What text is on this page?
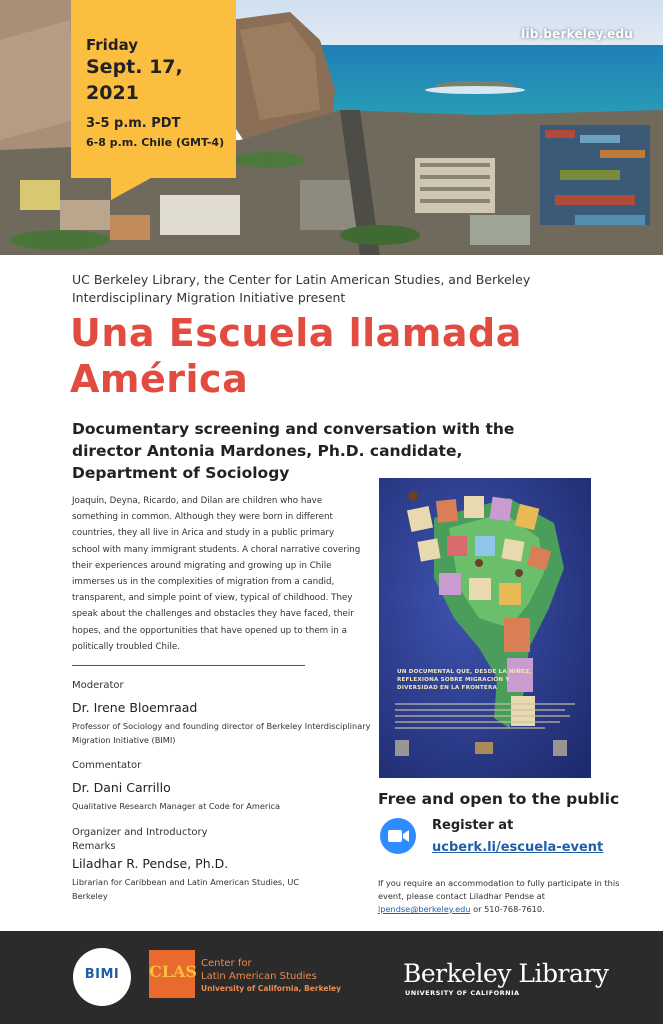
lib.berkeley.edu
Friday
Sept. 17, 2021
3-5 p.m. PDT
6-8 p.m. Chile (GMT-4)
UC Berkeley Library, the Center for Latin American Studies, and Berkeley Interdisciplinary Migration Initiative present
Una Escuela llamada América
Documentary screening and conversation with the director Antonia Mardones, Ph.D. candidate, Department of Sociology
Joaquín, Deyna, Ricardo, and Dilan are children who have something in common. Although they were born in different countries, they all live in Arica and study in a public primary school with many immigrant students. A choral narrative covering their experiences around migrating and growing up in Chile immerses us in the complexities of migration from a candid, transparent, and simple point of view, typical of childhood. They speak about the challenges and obstacles they have faced, their hopes, and the opportunities that have opened up to them in a politically troubled Chile.
Moderator
Dr. Irene Bloemraad
Professor of Sociology and founding director of Berkeley Interdisciplinary Migration Initiative (BIMI)
Commentator
Dr. Dani Carrillo
Qualitative Research Manager at Code for America
Organizer and Introductory Remarks
Liladhar R. Pendse, Ph.D.
Librarian for Caribbean and Latin American Studies, UC Berkeley
UN DOCUMENTAL QUE, DESDE LA NIÑEZ, REFLEXIONA SOBRE MIGRACIÓN Y DIVERSIDAD EN LA FRONTERA
Free and open to the public
Register at
ucberk.li/escuela-event
If you require an accommodation to fully participate in this event, please contact Liladhar Pendse at lpendse@berkeley.edu or 510-768-7610.
BIMI	CLAS Center for
Latin American Studies
University of California, Berkeley
Berkeley Library
UNIVERSITY OF CALIFORNIA
